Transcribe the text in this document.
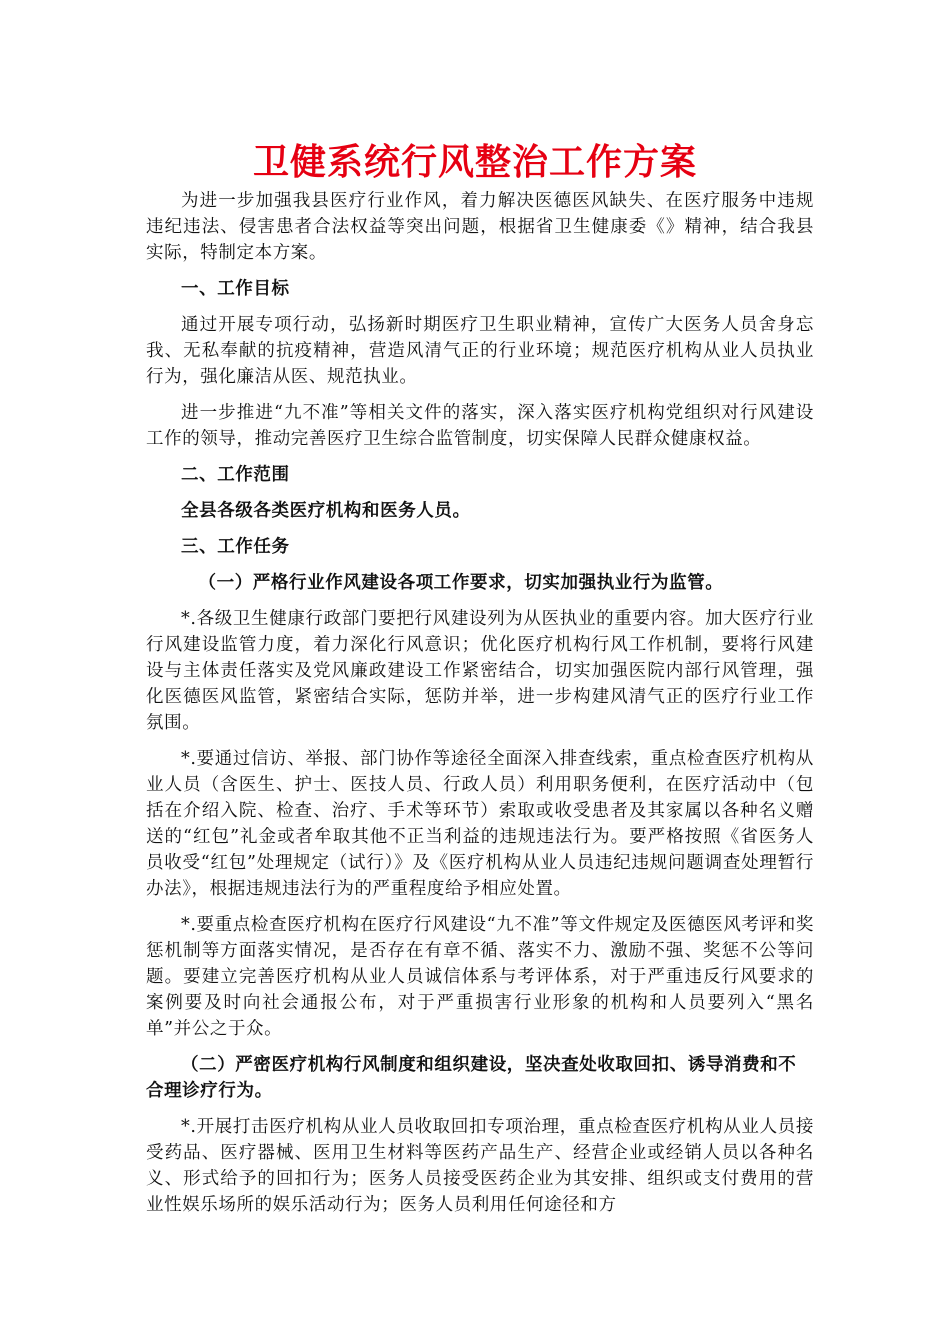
卫健系统行风整治工作方案

为进一步加强我县医疗行业作风，着力解决医德医风缺失、在医疗服务中违规违纪违法、侵害患者合法权益等突出问题，根据省卫生健康委《》精神，结合我县实际，特制定本方案。

一、工作目标

通过开展专项行动，弘扬新时期医疗卫生职业精神，宣传广大医务人员舍身忘我、无私奉献的抗疫精神，营造风清气正的行业环境；规范医疗机构从业人员执业行为，强化廉洁从医、规范执业。

进一步推进“九不准”等相关文件的落实，深入落实医疗机构党组织对行风建设工作的领导，推动完善医疗卫生综合监管制度，切实保障人民群众健康权益。

二、工作范围

全县各级各类医疗机构和医务人员。

三、工作任务

（一）严格行业作风建设各项工作要求，切实加强执业行为监管。

*.各级卫生健康行政部门要把行风建设列为从医执业的重要内容。加大医疗行业行风建设监管力度，着力深化行风意识；优化医疗机构行风工作机制，要将行风建设与主体责任落实及党风廉政建设工作紧密结合，切实加强医院内部行风管理，强化医德医风监管，紧密结合实际，惩防并举，进一步构建风清气正的医疗行业工作氛围。

*.要通过信访、举报、部门协作等途径全面深入排查线索，重点检查医疗机构从业人员（含医生、护士、医技人员、行政人员）利用职务便利，在医疗活动中（包括在介绍入院、检查、治疗、手术等环节）索取或收受患者及其家属以各种名义赠送的“红包”礼金或者牟取其他不正当利益的违规违法行为。要严格按照《省医务人员收受“红包”处理规定（试行）》及《医疗机构从业人员违纪违规问题调查处理暂行办法》，根据违规违法行为的严重程度给予相应处置。

*.要重点检查医疗机构在医疗行风建设“九不准”等文件规定及医德医风考评和奖惩机制等方面落实情况，是否存在有章不循、落实不力、激励不强、奖惩不公等问题。要建立完善医疗机构从业人员诚信体系与考评体系，对于严重违反行风要求的案例要及时向社会通报公布，对于严重损害行业形象的机构和人员要列入“黑名单”并公之于众。

（二）严密医疗机构行风制度和组织建设，坚决查处收取回扣、诱导消费和不合理诊疗行为。

*.开展打击医疗机构从业人员收取回扣专项治理，重点检查医疗机构从业人员接受药品、医疗器械、医用卫生材料等医药产品生产、经营企业或经销人员以各种名义、形式给予的回扣行为；医务人员接受医药企业为其安排、组织或支付费用的营业性娱乐场所的娱乐活动行为；医务人员利用任何途径和方
